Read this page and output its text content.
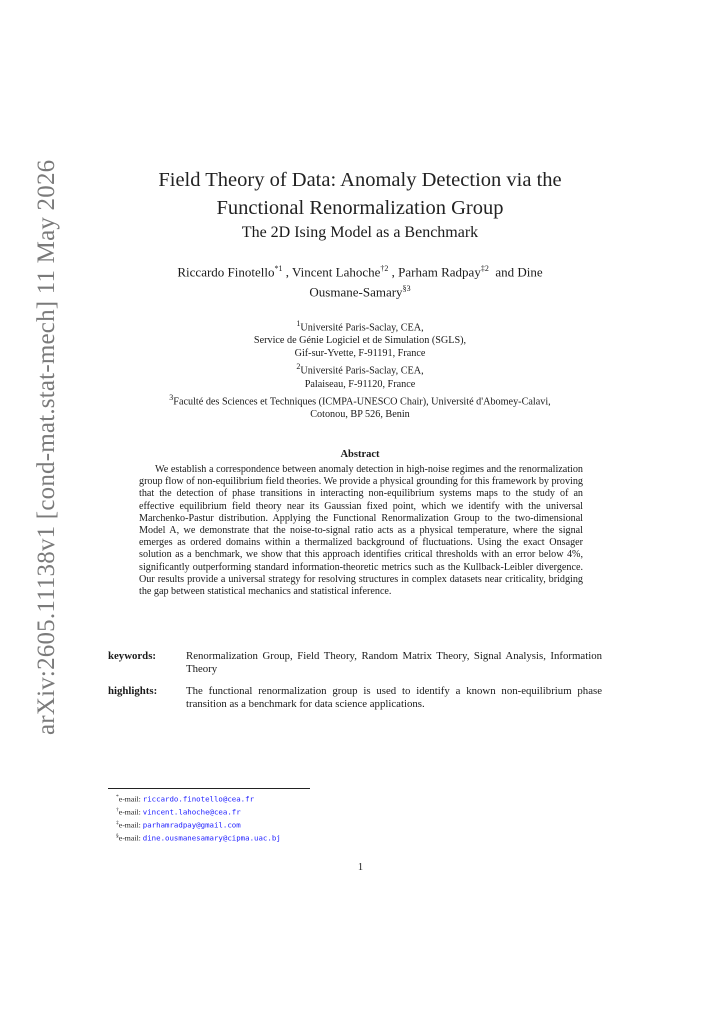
arXiv:2605.11138v1 [cond-mat.stat-mech] 11 May 2026	Field Theory of Data: Anomaly Detection via the
Functional Renormalization Group
The 2D Ising Model as a Benchmark
Riccardo Finotello$^{*1}$ , Vincent Lahoche$^{\dagger 2}$ , Parham Radpay$^{\ddagger 2}$  and Dine
Ousmane-Samary$^{\S 3}$
$^1$Université Paris-Saclay, CEA,
Service de Génie Logiciel et de Simulation (SGLS),
Gif-sur-Yvette, F-91191, France
$^2$Université Paris-Saclay, CEA,
Palaiseau, F-91120, France
$^3$Faculté des Sciences et Techniques (ICMPA-UNESCO Chair), Université d'Abomey-Calavi,
Cotonou, BP 526, Benin
Abstract
We establish a correspondence between anomaly detection in high-noise regimes and the renormalization group flow of non-equilibrium field theories. We provide a physical grounding for this framework by proving that the detection of phase transitions in interacting non-equilibrium systems maps to the study of an effective equilibrium field theory near its Gaussian fixed point, which we identify with the universal Marchenko-Pastur distribution. Applying the Functional Renormalization Group to the two-dimensional Model A, we demonstrate that the noise-to-signal ratio acts as a physical temperature, where the signal emerges as ordered domains within a thermalized background of fluctuations. Using the exact Onsager solution as a benchmark, we show that this approach identifies critical thresholds with an error below 4%, significantly outperforming standard information-theoretic metrics such as the Kullback-Leibler divergence. Our results provide a universal strategy for resolving structures in complex datasets near criticality, bridging the gap between statistical mechanics and statistical inference.
keywords:	Renormalization Group, Field Theory, Random Matrix Theory, Signal Analysis, Information Theory
highlights:	The functional renormalization group is used to identify a known non-equilibrium phase transition as a benchmark for data science applications.
*e-mail: riccardo.finotello@cea.fr
†e-mail: vincent.lahoche@cea.fr
‡e-mail: parhamradpay@gmail.com
§e-mail: dine.ousmanesamary@cipma.uac.bj
1
